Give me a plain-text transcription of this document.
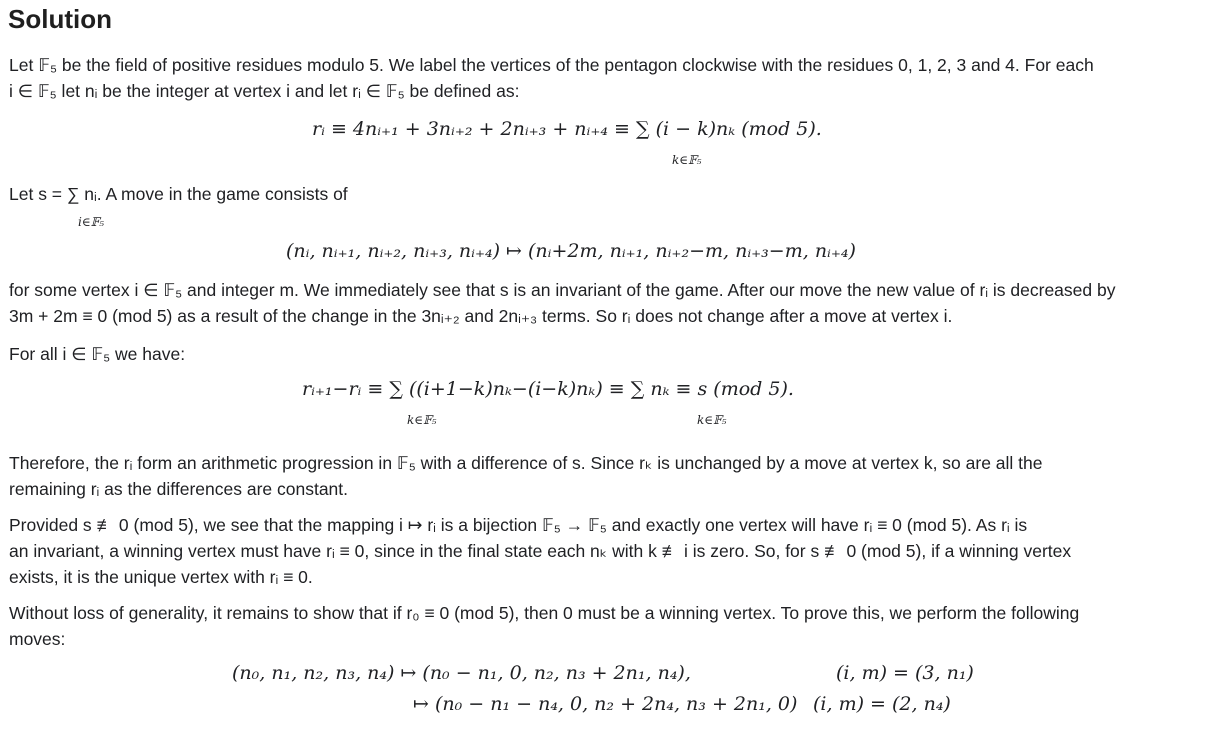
Solution
Let 𝔽₅ be the field of positive residues modulo 5. We label the vertices of the pentagon clockwise with the residues 0, 1, 2, 3 and 4. For each
i ∈ 𝔽₅ let nᵢ be the integer at vertex i and let rᵢ ∈ 𝔽₅ be defined as:
rᵢ ≡ 4nᵢ₊₁ + 3nᵢ₊₂ + 2nᵢ₊₃ + nᵢ₊₄ ≡ ∑ (i − k)nₖ (mod 5).
k∈𝔽₅
Let s = ∑ nᵢ. A move in the game consists of
i∈𝔽₅
(nᵢ, nᵢ₊₁, nᵢ₊₂, nᵢ₊₃, nᵢ₊₄) ↦ (nᵢ+2m, nᵢ₊₁, nᵢ₊₂−m, nᵢ₊₃−m, nᵢ₊₄)
for some vertex i ∈ 𝔽₅ and integer m. We immediately see that s is an invariant of the game. After our move the new value of rᵢ is decreased by
3m + 2m ≡ 0 (mod 5) as a result of the change in the 3nᵢ₊₂ and 2nᵢ₊₃ terms. So rᵢ does not change after a move at vertex i.
For all i ∈ 𝔽₅ we have:
rᵢ₊₁−rᵢ ≡ ∑ ((i+1−k)nₖ−(i−k)nₖ) ≡ ∑ nₖ ≡ s (mod 5).
k∈𝔽₅	k∈𝔽₅
Therefore, the rᵢ form an arithmetic progression in 𝔽₅ with a difference of s. Since rₖ is unchanged by a move at vertex k, so are all the
remaining rᵢ as the differences are constant.
Provided s ≢ 0 (mod 5), we see that the mapping i ↦ rᵢ is a bijection 𝔽₅ → 𝔽₅ and exactly one vertex will have rᵢ ≡ 0 (mod 5). As rᵢ is
an invariant, a winning vertex must have rᵢ ≡ 0, since in the final state each nₖ with k ≢ i is zero. So, for s ≢ 0 (mod 5), if a winning vertex
exists, it is the unique vertex with rᵢ ≡ 0.
Without loss of generality, it remains to show that if r₀ ≡ 0 (mod 5), then 0 must be a winning vertex. To prove this, we perform the following
moves:
(n₀, n₁, n₂, n₃, n₄) ↦ (n₀ − n₁, 0, n₂, n₃ + 2n₁, n₄),	(i, m) = (3, n₁)
↦ (n₀ − n₁ − n₄, 0, n₂ + 2n₄, n₃ + 2n₁, 0) (i, m) = (2, n₄)
